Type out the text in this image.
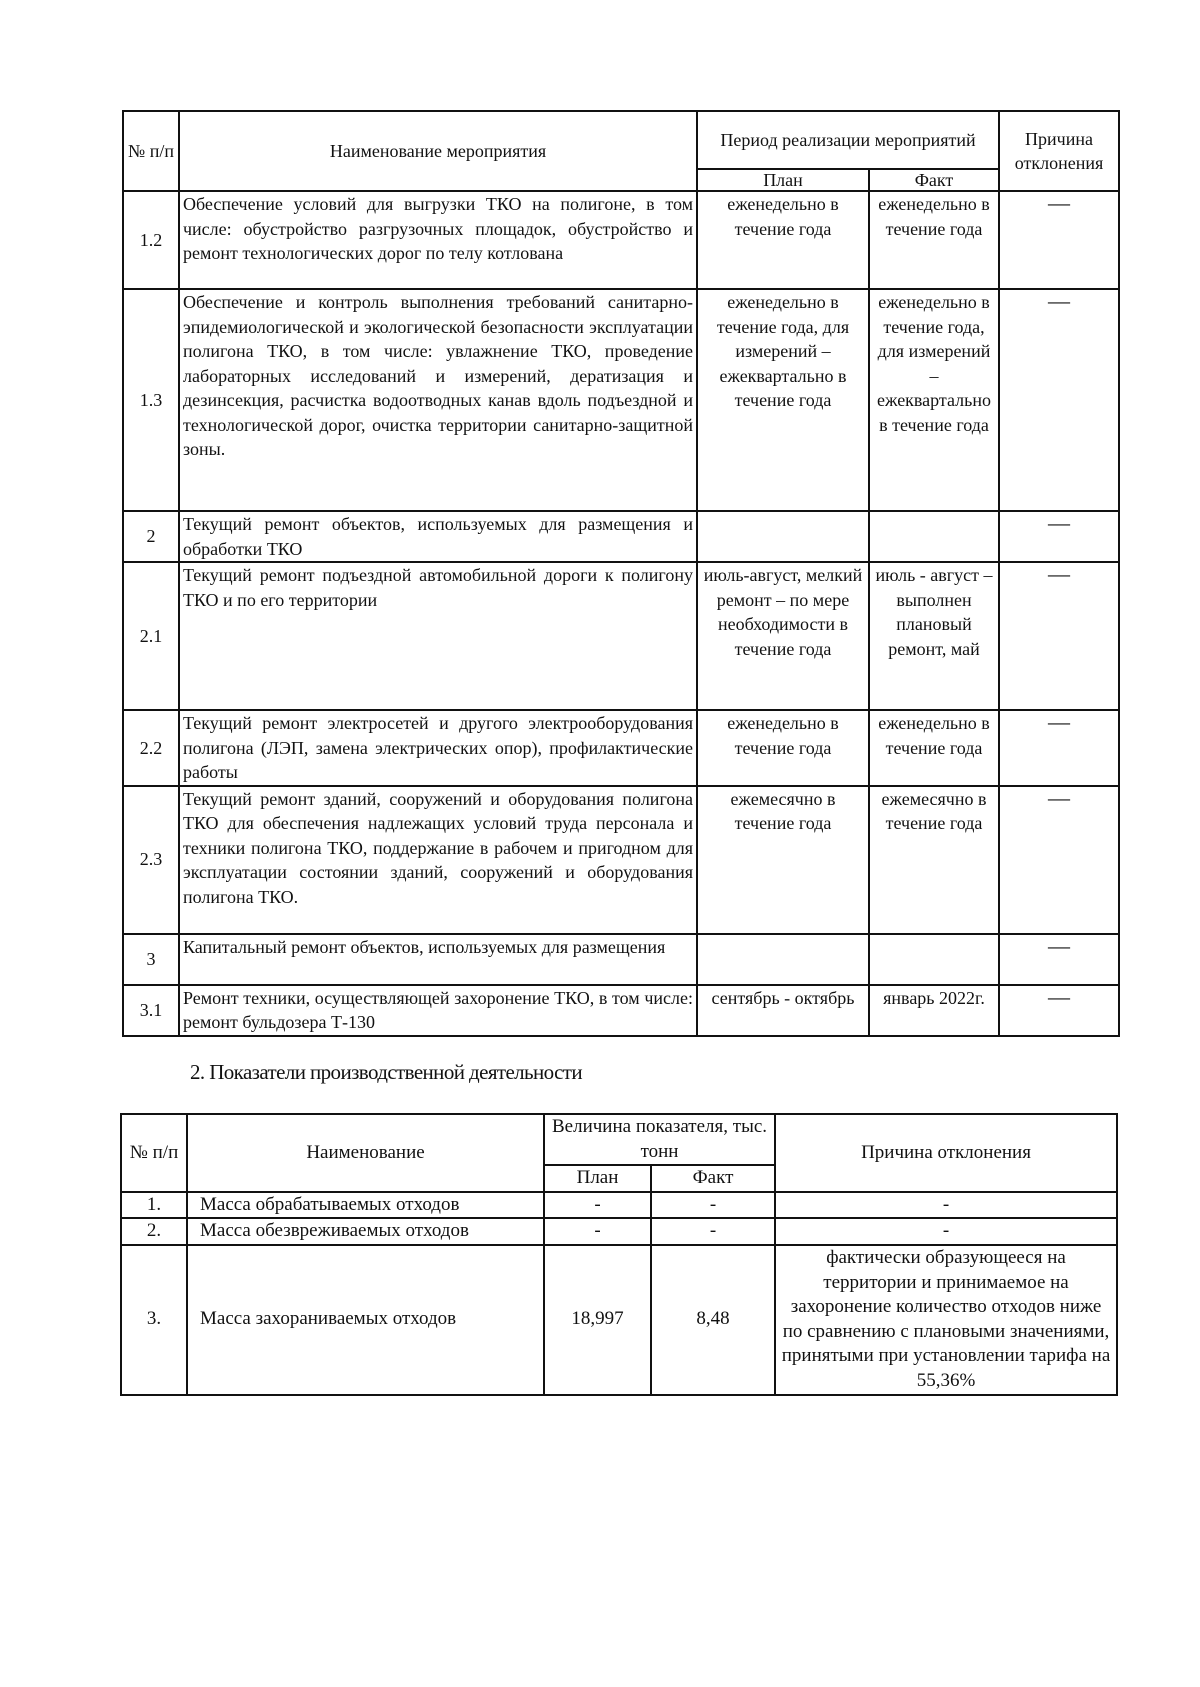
№ п/п	Наименование мероприятия	Период реализации мероприятий		Причина отклонения
		План	Факт	
1.2	Обеспечение условий для выгрузки ТКО на полигоне, в том числе: обустройство разгрузочных площадок, обустройство и ремонт технологических дорог по телу котлована	еженедельно в течение года	еженедельно в течение года	—
1.3	Обеспечение и контроль выполнения требований санитарно-эпидемиологической и экологической безопасности эксплуатации полигона ТКО, в том числе: увлажнение ТКО, проведение лабораторных исследований и измерений, дератизация и дезинсекция, расчистка водоотводных канав вдоль подъездной и технологической дорог, очистка территории санитарно-защитной зоны.	еженедельно в течение года, для измерений – ежеквартально в течение года	еженедельно в течение года, для измерений – ежеквартально в течение года	—
2	Текущий ремонт объектов, используемых для размещения и обработки ТКО			—
2.1	Текущий ремонт подъездной автомобильной дороги к полигону ТКО и по его территории	июль-август, мелкий ремонт – по мере необходимости в течение года	июль - август – выполнен плановый ремонт, май	—
2.2	Текущий ремонт электросетей и другого электрооборудования полигона (ЛЭП, замена электрических опор), профилактические работы	еженедельно в течение года	еженедельно в течение года	—
2.3	Текущий ремонт зданий, сооружений и оборудования полигона ТКО для обеспечения надлежащих условий труда персонала и техники полигона ТКО, поддержание в рабочем и пригодном для эксплуатации состоянии зданий, сооружений и оборудования полигона ТКО.	ежемесячно в течение года	ежемесячно в течение года	—
3	Капитальный ремонт объектов, используемых для размещения			—
3.1	Ремонт техники, осуществляющей захоронение ТКО, в том числе: ремонт бульдозера Т-130	сентябрь - октябрь	январь 2022г.	—
2. Показатели производственной деятельности
№ п/п	Наименование	Величина показателя, тыс. тонн		Причина отклонения
		План	Факт	
1.	Масса обрабатываемых отходов	-	-	-
2.	Масса обезвреживаемых отходов	-	-	-
3.	Масса захораниваемых отходов	18,997	8,48	фактически образующееся на территории и принимаемое на захоронение количество отходов ниже по сравнению с плановыми значениями, принятыми при установлении тарифа на 55,36%
